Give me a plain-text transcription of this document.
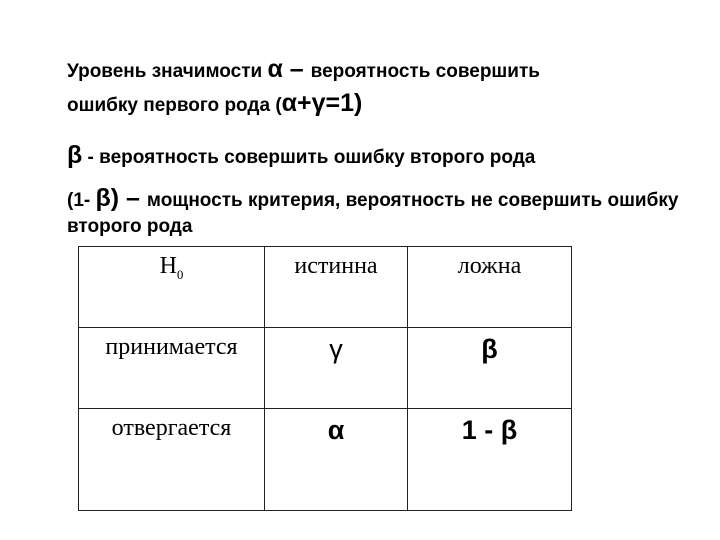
Уровень значимости α – вероятность совершить
ошибку первого рода (α+γ=1)

β - вероятность совершить ошибку второго рода

(1- β) – мощность критерия, вероятность не совершить ошибку второго рода

$H_0$	истинна	ложна
принимается	γ	β
отвергается	α	1 - β
